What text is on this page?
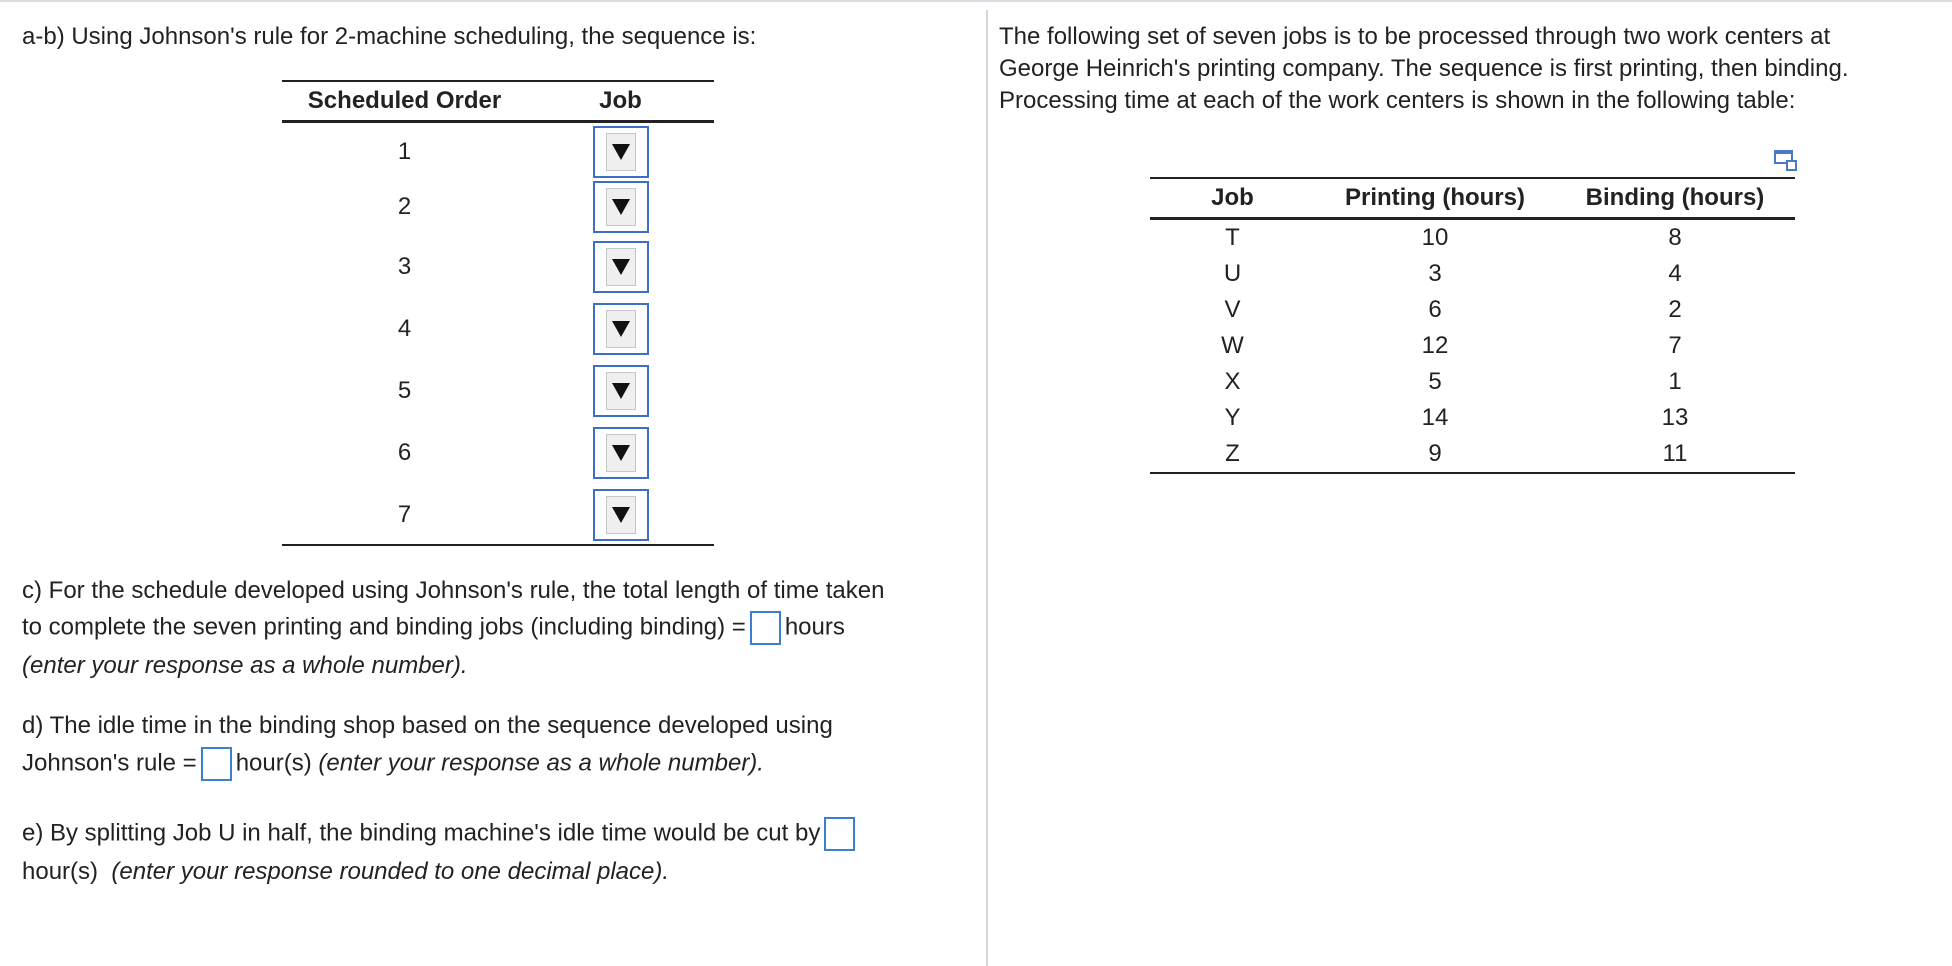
a-b) Using Johnson's rule for 2-machine scheduling, the sequence is:
Scheduled Order	Job
1
2
3
4
5
6
7
c) For the schedule developed using Johnson's rule, the total length of time taken
to complete the seven printing and binding jobs (including binding) = hours
(enter your response as a whole number).
d) The idle time in the binding shop based on the sequence developed using
Johnson's rule = hour(s) (enter your response as a whole number).
e) By splitting Job U in half, the binding machine's idle time would be cut by
hour(s) (enter your response rounded to one decimal place).
The following set of seven jobs is to be processed through two work centers at
George Heinrich's printing company. The sequence is first printing, then binding.
Processing time at each of the work centers is shown in the following table:
Job	Printing (hours)	Binding (hours)
T	10	8
U	3	4
V	6	2
W	12	7
X	5	1
Y	14	13
Z	9	11
